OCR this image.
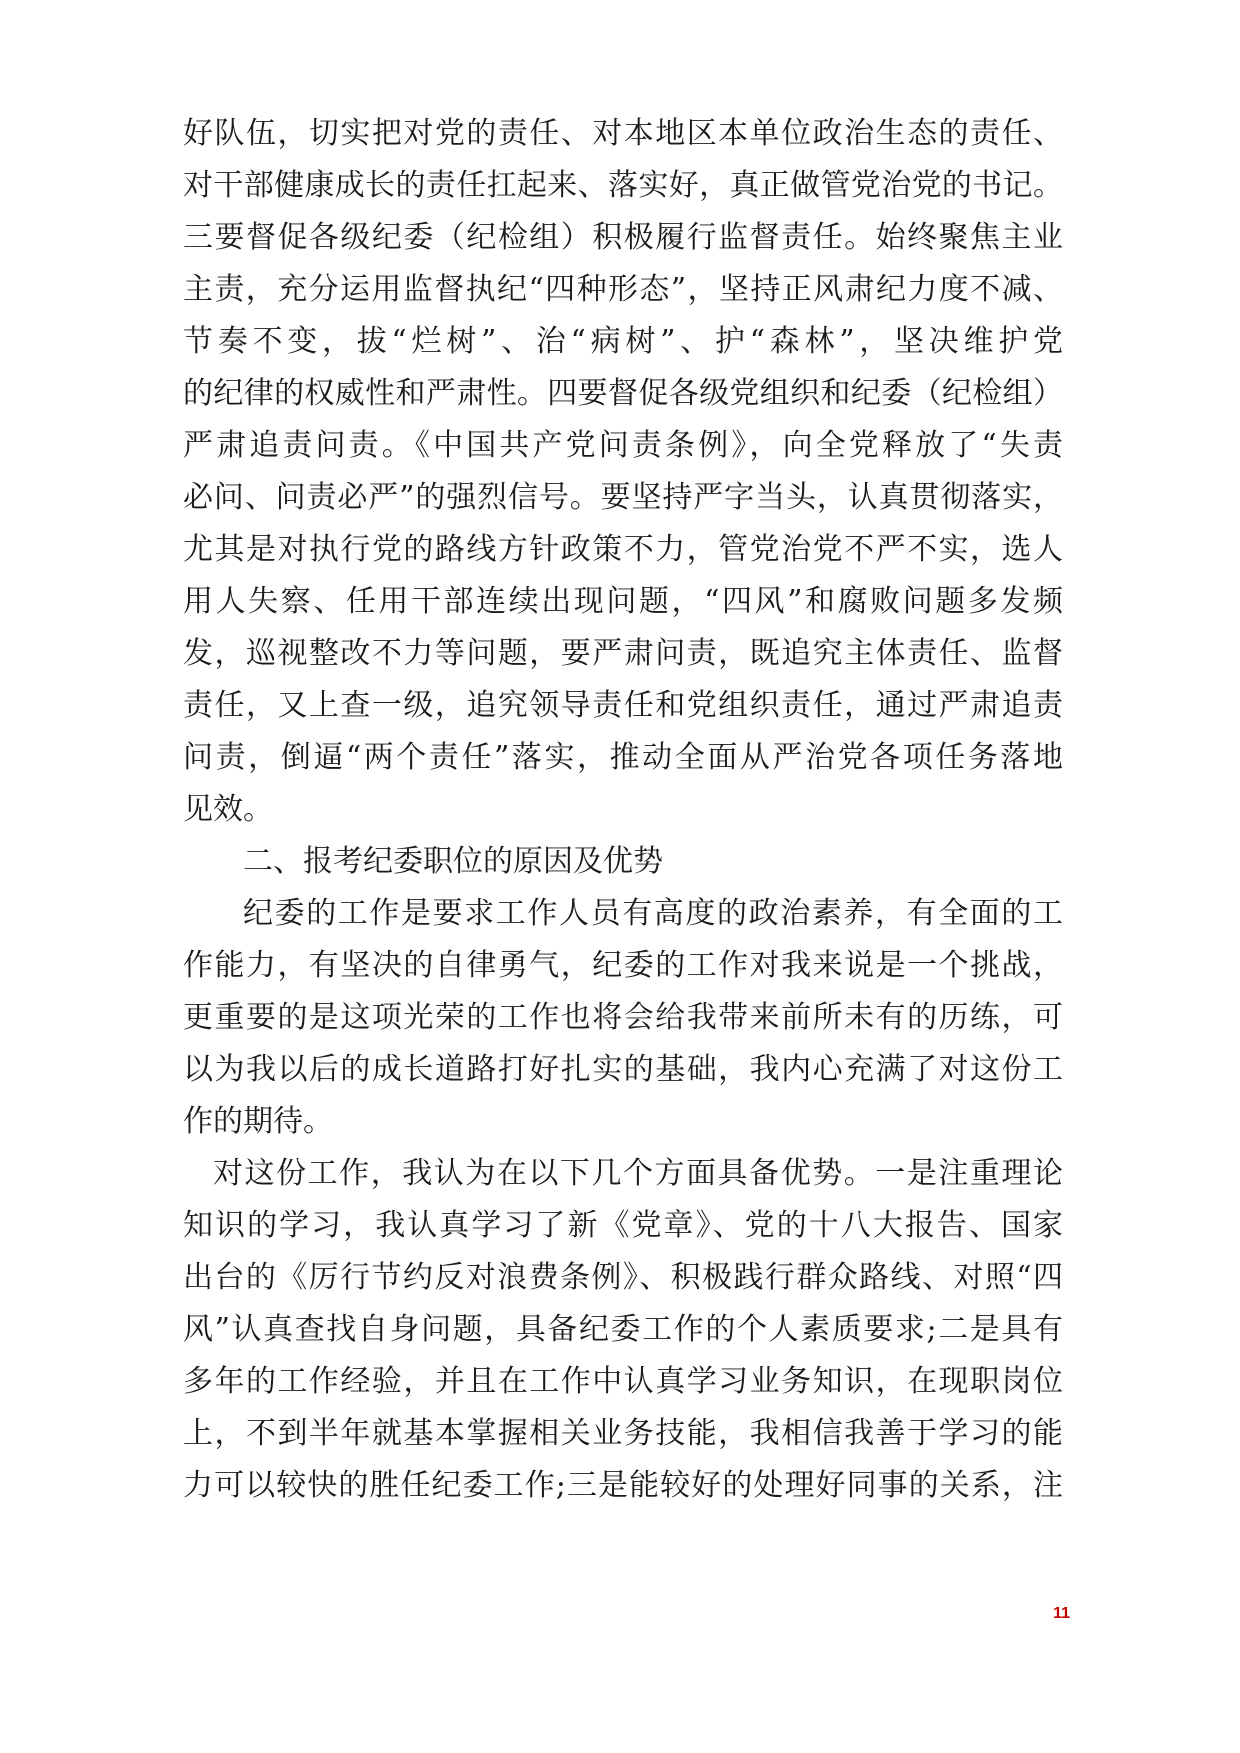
好队伍，切实把对党的责任、对本地区本单位政治生态的责任、
对干部健康成长的责任扛起来、落实好，真正做管党治党的书记。
三要督促各级纪委（纪检组）积极履行监督责任。始终聚焦主业
主责，充分运用监督执纪“四种形态”，坚持正风肃纪力度不减、
节奏不变，拔“烂树”、治“病树”、护“森林”，坚决维护党
的纪律的权威性和严肃性。四要督促各级党组织和纪委（纪检组）
严肃追责问责。《中国共产党问责条例》，向全党释放了“失责
必问、问责必严”的强烈信号。要坚持严字当头，认真贯彻落实，
尤其是对执行党的路线方针政策不力，管党治党不严不实，选人
用人失察、任用干部连续出现问题，“四风”和腐败问题多发频
发，巡视整改不力等问题，要严肃问责，既追究主体责任、监督
责任，又上查一级，追究领导责任和党组织责任，通过严肃追责
问责，倒逼“两个责任”落实，推动全面从严治党各项任务落地
见效。
二、报考纪委职位的原因及优势
纪委的工作是要求工作人员有高度的政治素养，有全面的工
作能力，有坚决的自律勇气，纪委的工作对我来说是一个挑战，
更重要的是这项光荣的工作也将会给我带来前所未有的历练，可
以为我以后的成长道路打好扎实的基础，我内心充满了对这份工
作的期待。
对这份工作，我认为在以下几个方面具备优势。一是注重理论
知识的学习，我认真学习了新《党章》、党的十八大报告、国家
出台的《厉行节约反对浪费条例》、积极践行群众路线、对照“四
风”认真查找自身问题，具备纪委工作的个人素质要求;二是具有
多年的工作经验，并且在工作中认真学习业务知识，在现职岗位
上，不到半年就基本掌握相关业务技能，我相信我善于学习的能
力可以较快的胜任纪委工作;三是能较好的处理好同事的关系，注
11
